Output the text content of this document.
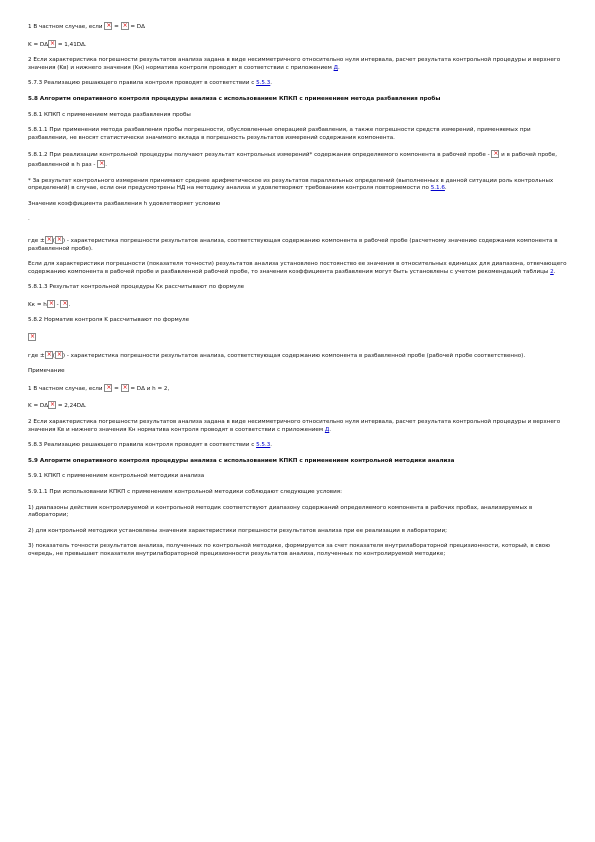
1 В частном случае, если × = × = DΔ

K = DΔ × = 1,41DΔ.

2 Если характеристика погрешности результатов анализа задана в виде несимметричного относительно нуля интервала, расчет результата контрольной процедуры и верхнего значения (Kв) и нижнего значения (Kн) норматива контроля проводят в соответствии с приложением Д.

5.7.3 Реализацию решающего правила контроля проводят в соответствии с 5.5.3.

5.8 Алгоритм оперативного контроля процедуры анализа с использованием КПКП с применением метода разбавления пробы

5.8.1 КПКП с применением метода разбавления пробы

5.8.1.1 При применении метода разбавления пробы погрешности, обусловленные операцией разбавления, а также погрешности средств измерений, применяемых при разбавлении, не вносят статистически значимого вклада в погрешность результатов измерений содержания компонента.

5.8.1.2 При реализации контрольной процедуры получают результат контрольных измерений* содержания определяемого компонента в рабочей пробе - × и в рабочей пробе, разбавленной в h раз - × .

* За результат контрольного измерения принимают среднее арифметическое из результатов параллельных определений (выполненных в данной ситуации роль контрольных определений) в случае, если они предусмотрены НД на методику анализа и удовлетворяют требованиям контроля повторяемости по 5.1.6.

Значение коэффициента разбавления h удовлетворяет условию

.

где ± × ( × ) - характеристика погрешности результатов анализа, соответствующая содержанию компонента в рабочей пробе (расчетному значению содержания компонента в разбавленной пробе).

Если для характеристики погрешности (показателя точности) результатов анализа установлено постоянство ее значения в относительных единицах для диапазона, отвечающего содержанию компонента в рабочей пробе и разбавленной рабочей пробе, то значения коэффициента разбавления могут быть установлены с учетом рекомендаций таблицы 2.

5.8.1.3 Результат контрольной процедуры Kк рассчитывают по формуле

Kк = h × - × .

5.8.2 Норматив контроля K рассчитывают по формуле

×

где ± × ( × ) - характеристика погрешности результатов анализа, соответствующая содержанию компонента в разбавленной пробе (рабочей пробе соответственно).

Примечание

1 В частном случае, если × = × = DΔ и h = 2,

K = DΔ × = 2,24DΔ.

2 Если характеристика погрешности результатов анализа задана в виде несимметричного относительно нуля интервала, расчет результата контрольной процедуры и верхнего значения Kв и нижнего значения Kн норматива контроля проводят в соответствии с приложением Д.

5.8.3 Реализацию решающего правила контроля проводят в соответствии с 5.5.3.

5.9 Алгоритм оперативного контроля процедуры анализа с использованием КПКП с применением контрольной методики анализа

5.9.1 КПКП с применением контрольной методики анализа

5.9.1.1 При использовании КПКП с применением контрольной методики соблюдают следующие условия:

1) диапазоны действия контролируемой и контрольной методик соответствуют диапазону содержаний определяемого компонента в рабочих пробах, анализируемых в лаборатории;

2) для контрольной методики установлены значения характеристики погрешности результатов анализа при ее реализации в лаборатории;

3) показатель точности результатов анализа, полученных по контрольной методике, формируется за счет показателя внутрилабораторной прецизионности, который, в свою очередь, не превышает показателя внутрилабораторной прецизионности результатов анализа, полученных по контролируемой методике;
